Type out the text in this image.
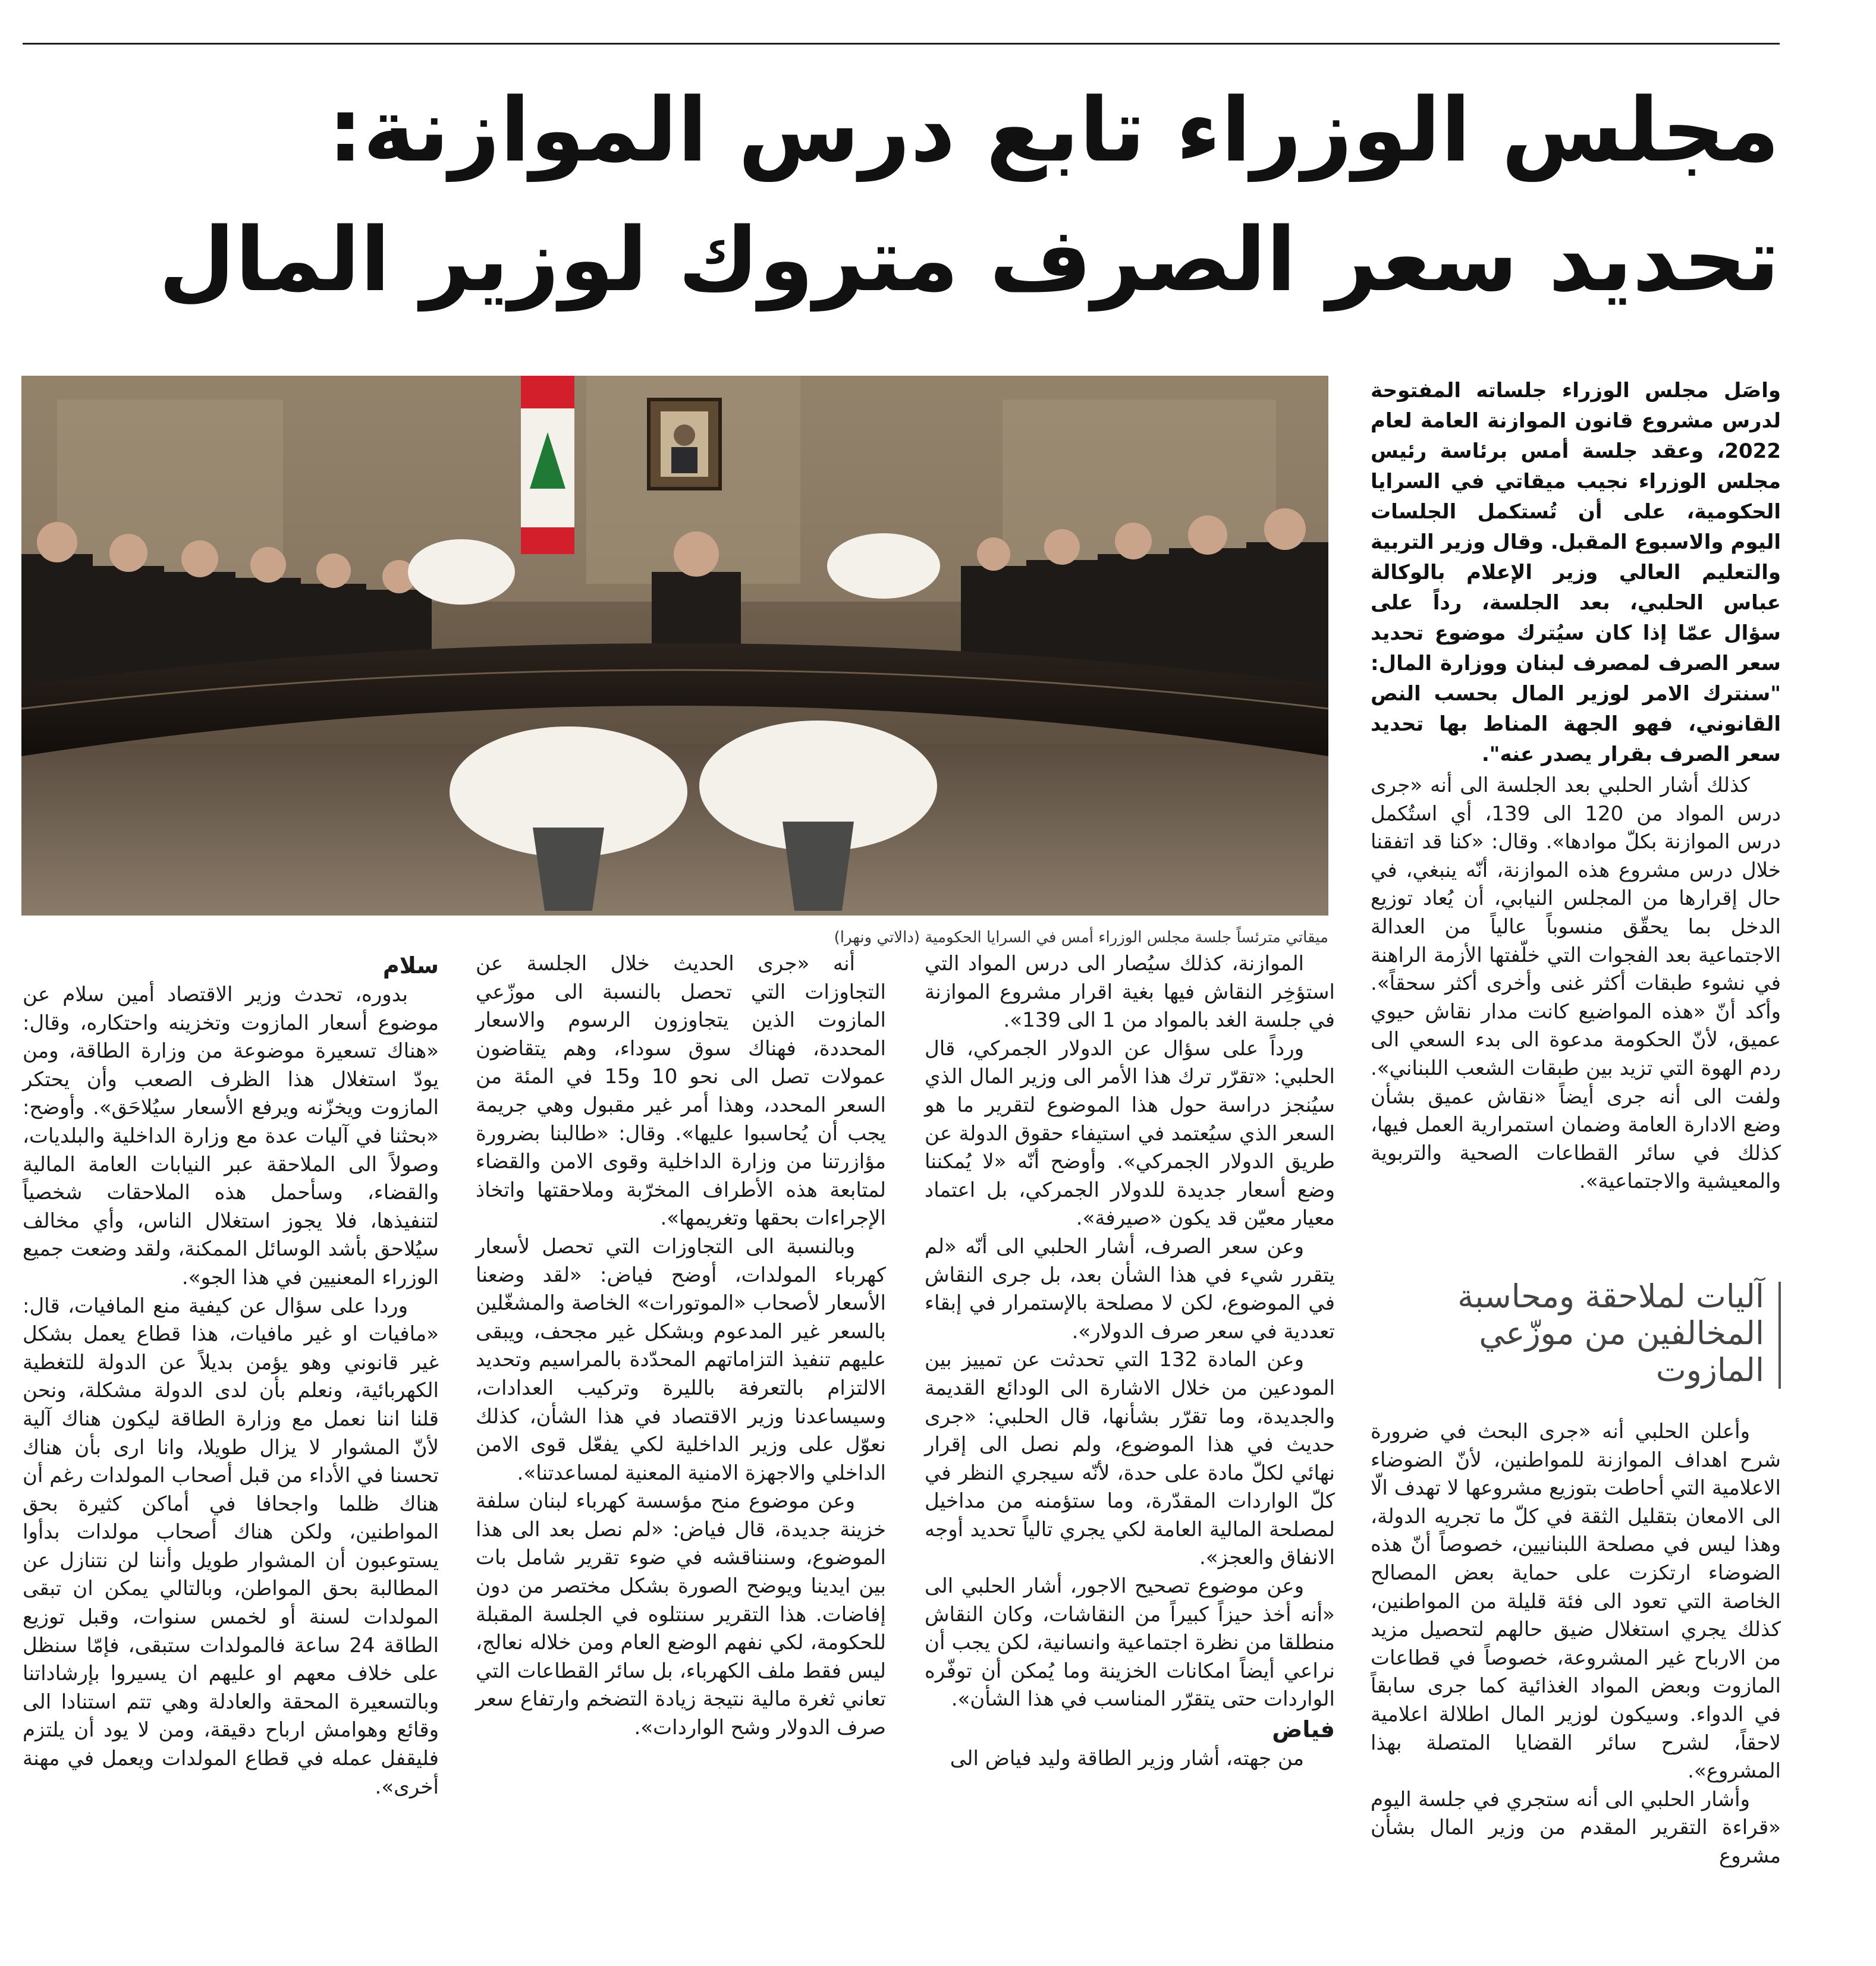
مجلس الوزراء تابع درس الموازنة:
تحديد سعر الصرف متروك لوزير المال

واصَل مجلس الوزراء جلساته المفتوحة لدرس مشروع قانون الموازنة العامة لعام 2022، وعقد جلسة أمس برئاسة رئيس مجلس الوزراء نجيب ميقاتي في السرايا الحكومية، على أن تُستكمل الجلسات اليوم والاسبوع المقبل. وقال وزير التربية والتعليم العالي وزير الإعلام بالوكالة عباس الحلبي، بعد الجلسة، رداً على سؤال عمّا إذا كان سيُترك موضوع تحديد سعر الصرف لمصرف لبنان ووزارة المال: "سنترك الامر لوزير المال بحسب النص القانوني، فهو الجهة المناط بها تحديد سعر الصرف بقرار يصدر عنه".

ميقاتي مترئساً جلسة مجلس الوزراء أمس في السرايا الحكومية (دالاتي ونهرا)

كذلك أشار الحلبي بعد الجلسة الى أنه «جرى درس المواد من 120 الى 139، أي استُكمل درس الموازنة بكلّ موادها». وقال: «كنا قد اتفقنا خلال درس مشروع هذه الموازنة، أنّه ينبغي، في حال إقرارها من المجلس النيابي، أن يُعاد توزيع الدخل بما يحقّق منسوباً عالياً من العدالة الاجتماعية بعد الفجوات التي خلّفتها الأزمة الراهنة في نشوء طبقات أكثر غنى وأخرى أكثر سحقاً». وأكد أنّ «هذه المواضيع كانت مدار نقاش حيوي عميق، لأنّ الحكومة مدعوة الى بدء السعي الى ردم الهوة التي تزيد بين طبقات الشعب اللبناني». ولفت الى أنه جرى أيضاً «نقاش عميق بشأن وضع الادارة العامة وضمان استمرارية العمل فيها، كذلك في سائر القطاعات الصحية والتربوية والمعيشية والاجتماعية».

آليات لملاحقة ومحاسبة المخالفين من موزّعي المازوت

وأعلن الحلبي أنه «جرى البحث في ضرورة شرح اهداف الموازنة للمواطنين، لأنّ الضوضاء الاعلامية التي أحاطت بتوزيع مشروعها لا تهدف الّا الى الامعان بتقليل الثقة في كلّ ما تجريه الدولة، وهذا ليس في مصلحة اللبنانيين، خصوصاً أنّ هذه الضوضاء ارتكزت على حماية بعض المصالح الخاصة التي تعود الى فئة قليلة من المواطنين، كذلك يجري استغلال ضيق حالهم لتحصيل مزيد من الارباح غير المشروعة، خصوصاً في قطاعات المازوت وبعض المواد الغذائية كما جرى سابقاً في الدواء. وسيكون لوزير المال اطلالة اعلامية لاحقاً، لشرح سائر القضايا المتصلة بهذا المشروع».

وأشار الحلبي الى أنه ستجري في جلسة اليوم «قراءة التقرير المقدم من وزير المال بشأن مشروع

الموازنة، كذلك سيُصار الى درس المواد التي استؤخِر النقاش فيها بغية اقرار مشروع الموازنة في جلسة الغد بالمواد من 1 الى 139».

ورداً على سؤال عن الدولار الجمركي، قال الحلبي: «تقرّر ترك هذا الأمر الى وزير المال الذي سيُنجز دراسة حول هذا الموضوع لتقرير ما هو السعر الذي سيُعتمد في استيفاء حقوق الدولة عن طريق الدولار الجمركي». وأوضح أنّه «لا يُمكننا وضع أسعار جديدة للدولار الجمركي، بل اعتماد معيار معيّن قد يكون «صيرفة».

وعن سعر الصرف، أشار الحلبي الى أنّه «لم يتقرر شيء في هذا الشأن بعد، بل جرى النقاش في الموضوع، لكن لا مصلحة بالإستمرار في إبقاء تعددية في سعر صرف الدولار».

وعن المادة 132 التي تحدثت عن تمييز بين المودعين من خلال الاشارة الى الودائع القديمة والجديدة، وما تقرّر بشأنها، قال الحلبي: «جرى حديث في هذا الموضوع، ولم نصل الى إقرار نهائي لكلّ مادة على حدة، لأنّه سيجري النظر في كلّ الواردات المقدّرة، وما ستؤمنه من مداخيل لمصلحة المالية العامة لكي يجري تالياً تحديد أوجه الانفاق والعجز».

وعن موضوع تصحيح الاجور، أشار الحلبي الى «أنه أخذ حيزاً كبيراً من النقاشات، وكان النقاش منطلقا من نظرة اجتماعية وانسانية، لكن يجب أن نراعي أيضاً امكانات الخزينة وما يُمكن أن توفّره الواردات حتى يتقرّر المناسب في هذا الشأن».

فياض

من جهته، أشار وزير الطاقة وليد فياض الى

أنه «جرى الحديث خلال الجلسة عن التجاوزات التي تحصل بالنسبة الى موزّعي المازوت الذين يتجاوزون الرسوم والاسعار المحددة، فهناك سوق سوداء، وهم يتقاضون عمولات تصل الى نحو 10 و15 في المئة من السعر المحدد، وهذا أمر غير مقبول وهي جريمة يجب أن يُحاسبوا عليها». وقال: «طالبنا بضرورة مؤازرتنا من وزارة الداخلية وقوى الامن والقضاء لمتابعة هذه الأطراف المخرّبة وملاحقتها واتخاذ الإجراءات بحقها وتغريمها».

وبالنسبة الى التجاوزات التي تحصل لأسعار كهرباء المولدات، أوضح فياض: «لقد وضعنا الأسعار لأصحاب «الموتورات» الخاصة والمشغّلين بالسعر غير المدعوم وبشكل غير مجحف، ويبقى عليهم تنفيذ التزاماتهم المحدّدة بالمراسيم وتحديد الالتزام بالتعرفة بالليرة وتركيب العدادات، وسيساعدنا وزير الاقتصاد في هذا الشأن، كذلك نعوّل على وزير الداخلية لكي يفعّل قوى الامن الداخلي والاجهزة الامنية المعنية لمساعدتنا».

وعن موضوع منح مؤسسة كهرباء لبنان سلفة خزينة جديدة، قال فياض: «لم نصل بعد الى هذا الموضوع، وسنناقشه في ضوء تقرير شامل بات بين ايدينا ويوضح الصورة بشكل مختصر من دون إفاضات. هذا التقرير سنتلوه في الجلسة المقبلة للحكومة، لكي نفهم الوضع العام ومن خلاله نعالج، ليس فقط ملف الكهرباء، بل سائر القطاعات التي تعاني ثغرة مالية نتيجة زيادة التضخم وارتفاع سعر صرف الدولار وشح الواردات».

سلام

بدوره، تحدث وزير الاقتصاد أمين سلام عن موضوع أسعار المازوت وتخزينه واحتكاره، وقال: «هناك تسعيرة موضوعة من وزارة الطاقة، ومن يودّ استغلال هذا الظرف الصعب وأن يحتكر المازوت ويخزّنه ويرفع الأسعار سيُلاحَق». وأوضح: «بحثنا في آليات عدة مع وزارة الداخلية والبلديات، وصولاً الى الملاحقة عبر النيابات العامة المالية والقضاء، وسأحمل هذه الملاحقات شخصياً لتنفيذها، فلا يجوز استغلال الناس، وأي مخالف سيُلاحق بأشد الوسائل الممكنة، ولقد وضعت جميع الوزراء المعنيين في هذا الجو».

وردا على سؤال عن كيفية منع المافيات، قال: «مافيات او غير مافيات، هذا قطاع يعمل بشكل غير قانوني وهو يؤمن بديلاً عن الدولة للتغطية الكهربائية، ونعلم بأن لدى الدولة مشكلة، ونحن قلنا اننا نعمل مع وزارة الطاقة ليكون هناك آلية لأنّ المشوار لا يزال طويلا، وانا ارى بأن هناك تحسنا في الأداء من قبل أصحاب المولدات رغم أن هناك ظلما واجحافا في أماكن كثيرة بحق المواطنين، ولكن هناك أصحاب مولدات بدأوا يستوعبون أن المشوار طويل وأننا لن نتنازل عن المطالبة بحق المواطن، وبالتالي يمكن ان تبقى المولدات لسنة أو لخمس سنوات، وقبل توزيع الطاقة 24 ساعة فالمولدات ستبقى، فإمّا سنظل على خلاف معهم او عليهم ان يسيروا بإرشاداتنا وبالتسعيرة المحقة والعادلة وهي تتم استنادا الى وقائع وهوامش ارباح دقيقة، ومن لا يود أن يلتزم فليقفل عمله في قطاع المولدات ويعمل في مهنة أخرى».
